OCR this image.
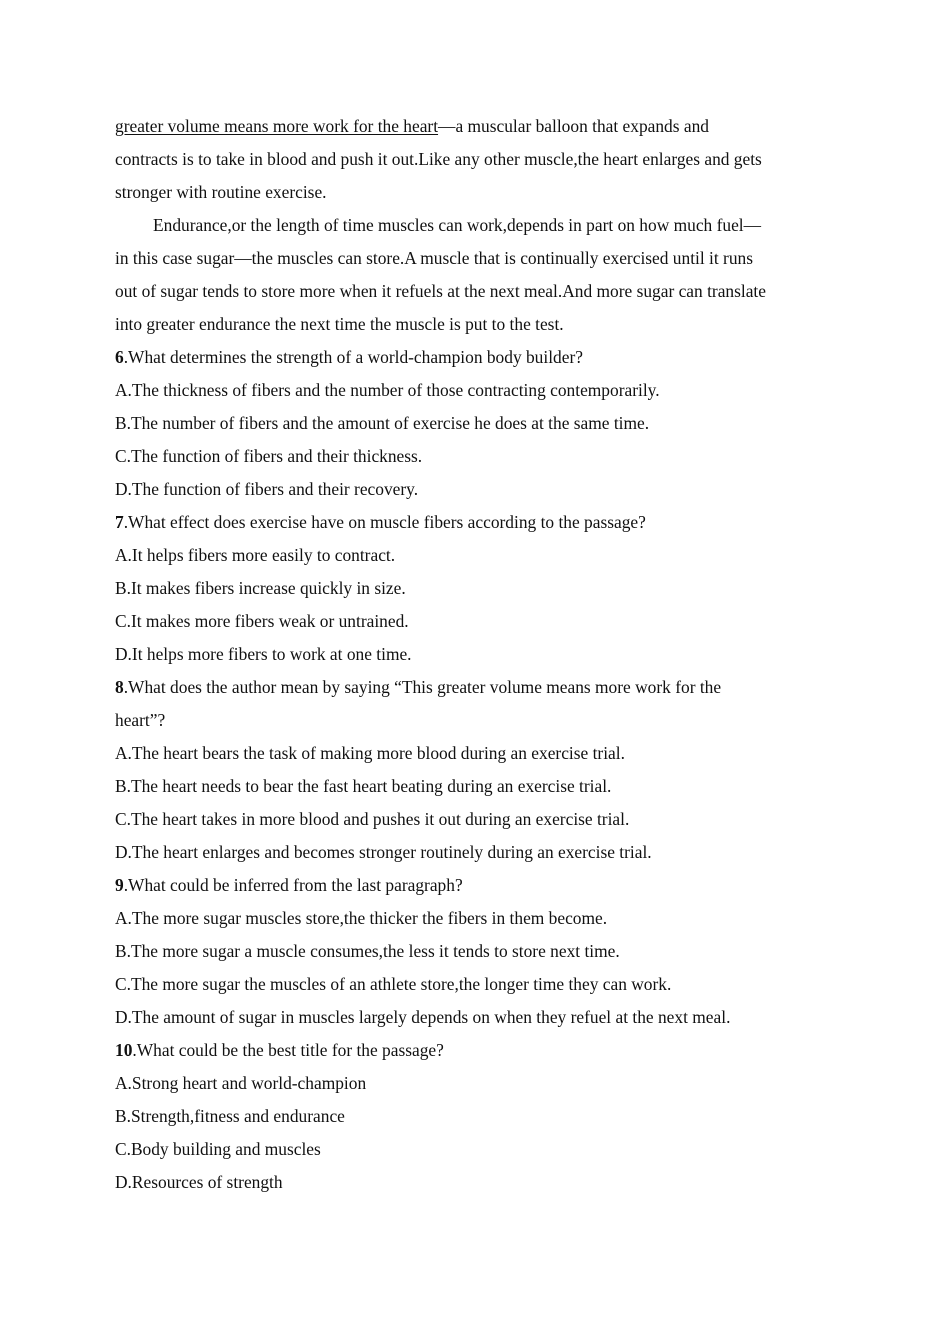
greater volume means more work for the heart—a muscular balloon that expands and
contracts is to take in blood and push it out.Like any other muscle,the heart enlarges and gets
stronger with routine exercise.
Endurance,or the length of time muscles can work,depends in part on how much fuel—
in this case sugar—the muscles can store.A muscle that is continually exercised until it runs
out of sugar tends to store more when it refuels at the next meal.And more sugar can translate
into greater endurance the next time the muscle is put to the test.
6.What determines the strength of a world-champion body builder?
A.The thickness of fibers and the number of those contracting contemporarily.
B.The number of fibers and the amount of exercise he does at the same time.
C.The function of fibers and their thickness.
D.The function of fibers and their recovery.
7.What effect does exercise have on muscle fibers according to the passage?
A.It helps fibers more easily to contract.
B.It makes fibers increase quickly in size.
C.It makes more fibers weak or untrained.
D.It helps more fibers to work at one time.
8.What does the author mean by saying “This greater volume means more work for the
heart”?
A.The heart bears the task of making more blood during an exercise trial.
B.The heart needs to bear the fast heart beating during an exercise trial.
C.The heart takes in more blood and pushes it out during an exercise trial.
D.The heart enlarges and becomes stronger routinely during an exercise trial.
9.What could be inferred from the last paragraph?
A.The more sugar muscles store,the thicker the fibers in them become.
B.The more sugar a muscle consumes,the less it tends to store next time.
C.The more sugar the muscles of an athlete store,the longer time they can work.
D.The amount of sugar in muscles largely depends on when they refuel at the next meal.
10.What could be the best title for the passage?
A.Strong heart and world-champion
B.Strength,fitness and endurance
C.Body building and muscles
D.Resources of strength
